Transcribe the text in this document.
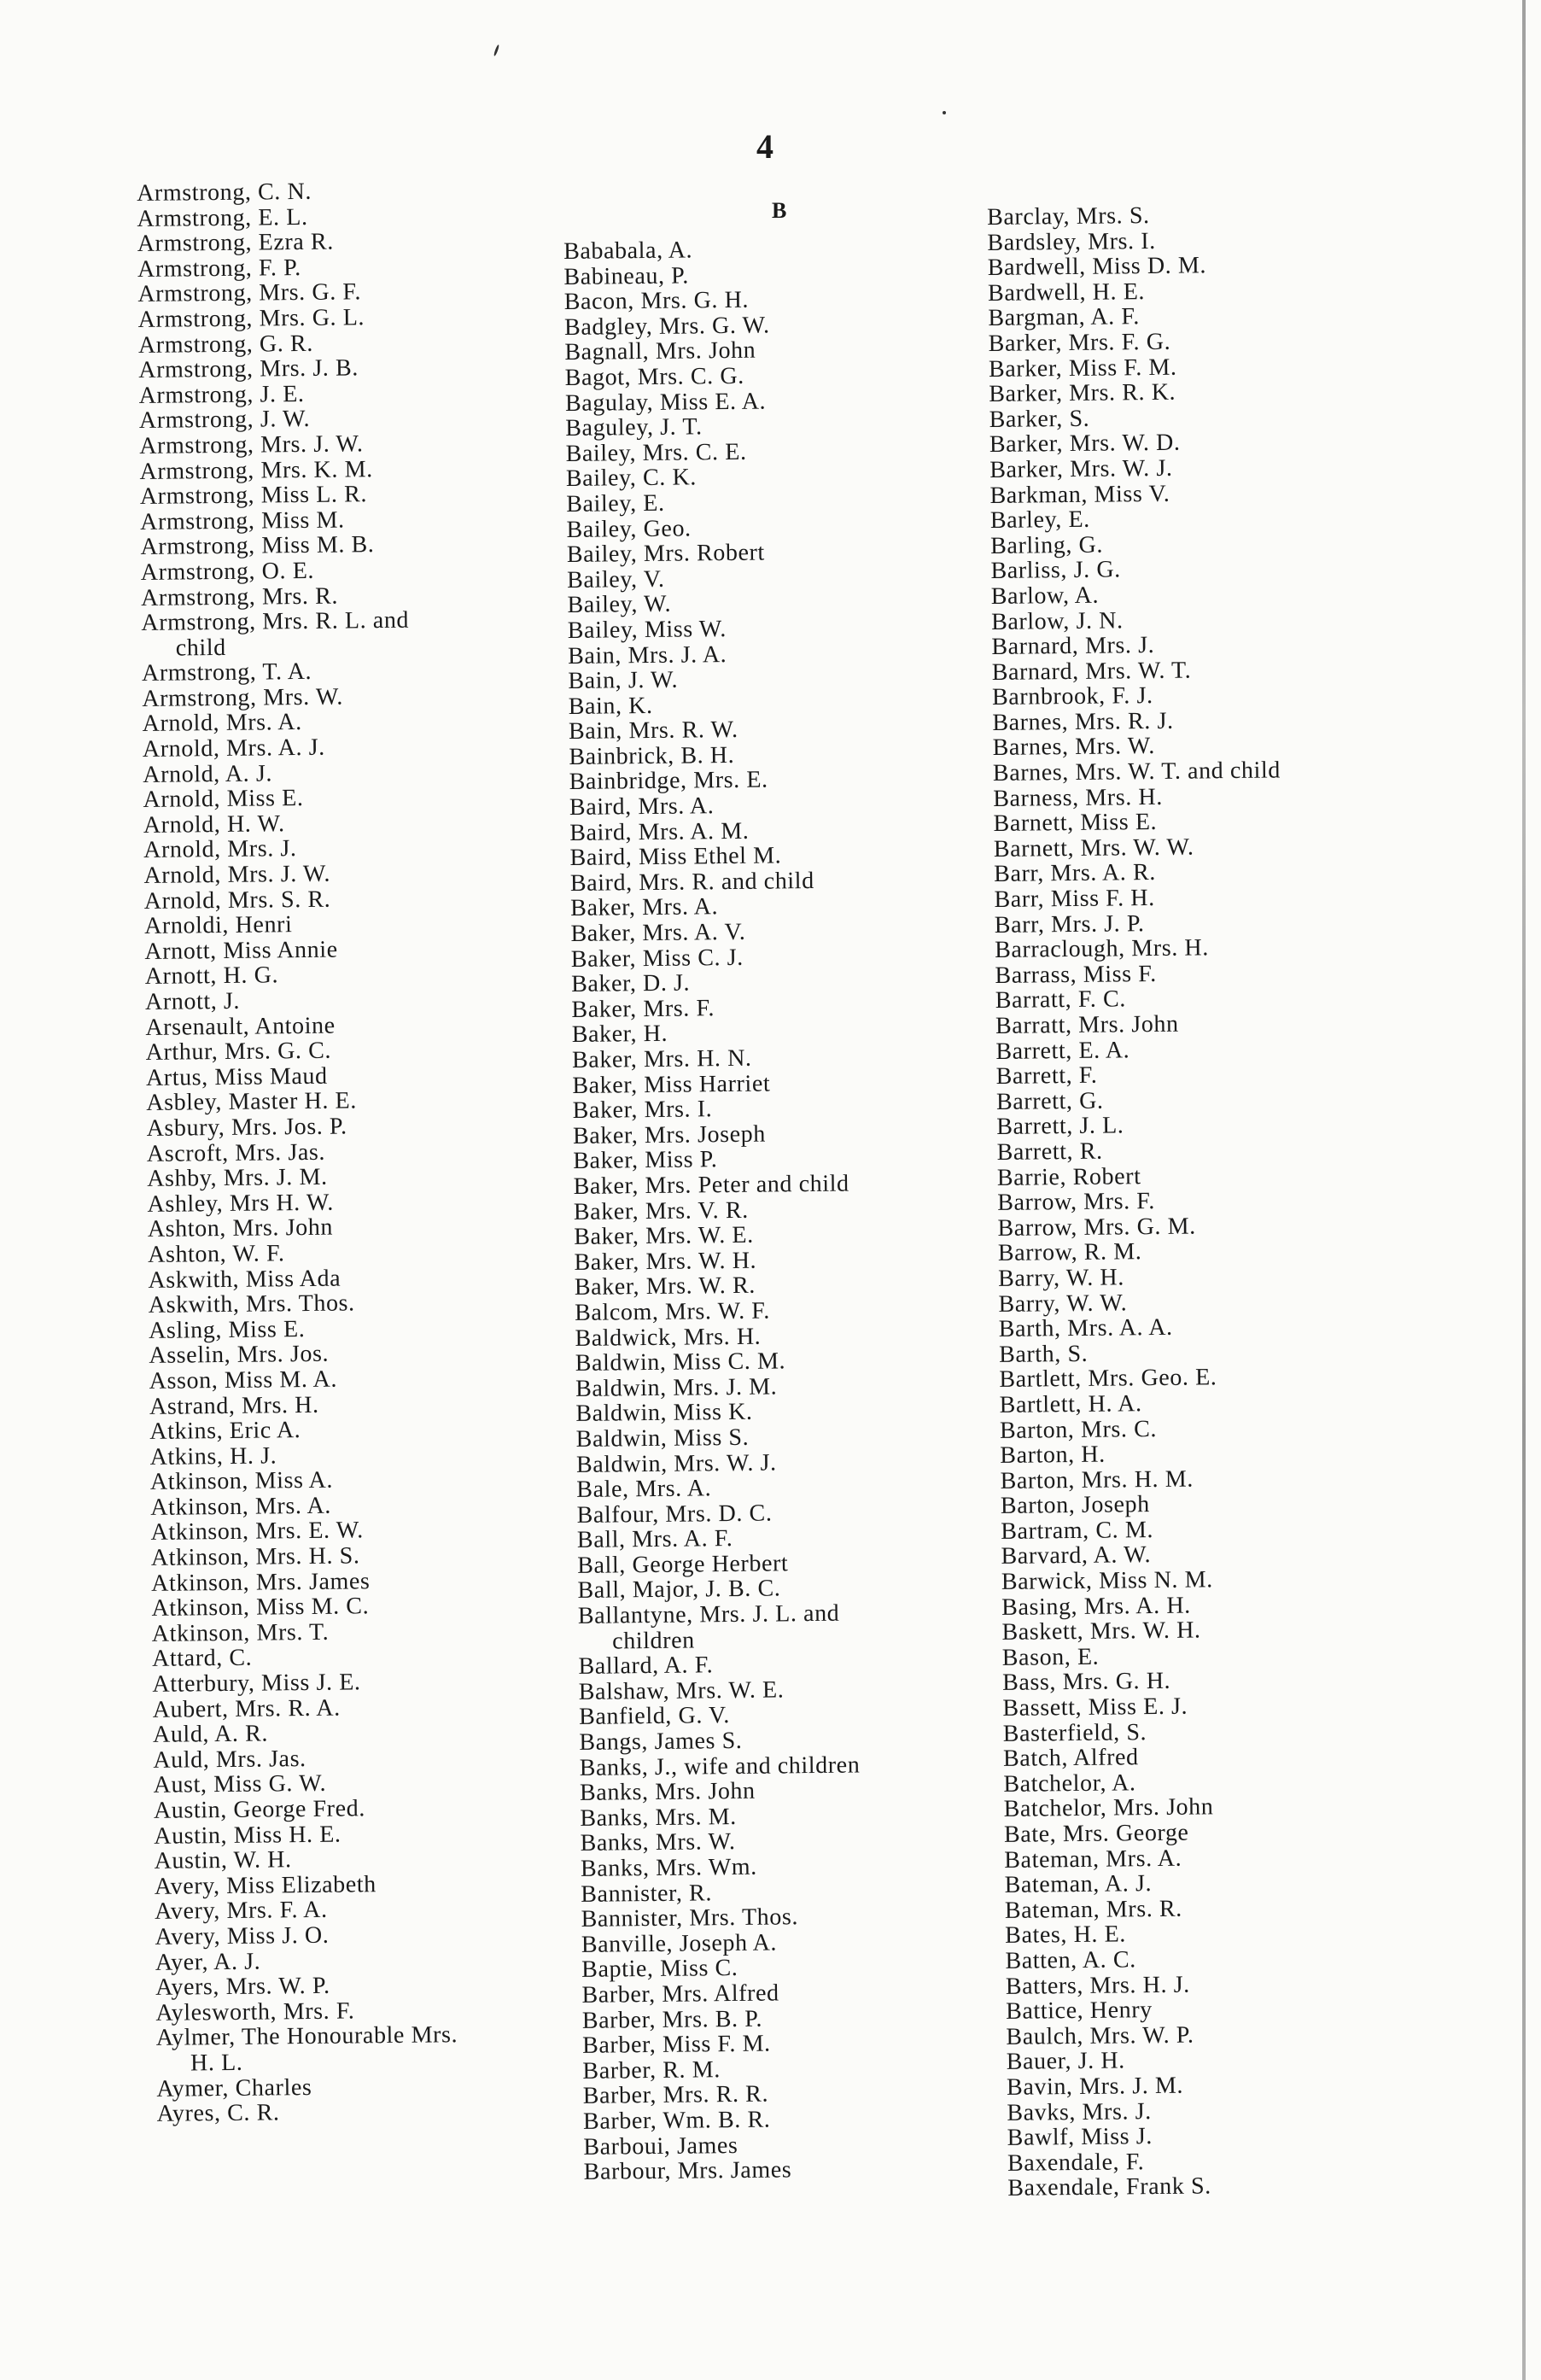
4
B
Armstrong, C. N.
Armstrong, E. L.
Armstrong, Ezra R.
Armstrong, F. P.
Armstrong, Mrs. G. F.
Armstrong, Mrs. G. L.
Armstrong, G. R.
Armstrong, Mrs. J. B.
Armstrong, J. E.
Armstrong, J. W.
Armstrong, Mrs. J. W.
Armstrong, Mrs. K. M.
Armstrong, Miss L. R.
Armstrong, Miss M.
Armstrong, Miss M. B.
Armstrong, O. E.
Armstrong, Mrs. R.
Armstrong, Mrs. R. L. and
child
Armstrong, T. A.
Armstrong, Mrs. W.
Arnold, Mrs. A.
Arnold, Mrs. A. J.
Arnold, A. J.
Arnold, Miss E.
Arnold, H. W.
Arnold, Mrs. J.
Arnold, Mrs. J. W.
Arnold, Mrs. S. R.
Arnoldi, Henri
Arnott, Miss Annie
Arnott, H. G.
Arnott, J.
Arsenault, Antoine
Arthur, Mrs. G. C.
Artus, Miss Maud
Asbley, Master H. E.
Asbury, Mrs. Jos. P.
Ascroft, Mrs. Jas.
Ashby, Mrs. J. M.
Ashley, Mrs H. W.
Ashton, Mrs. John
Ashton, W. F.
Askwith, Miss Ada
Askwith, Mrs. Thos.
Asling, Miss E.
Asselin, Mrs. Jos.
Asson, Miss M. A.
Astrand, Mrs. H.
Atkins, Eric A.
Atkins, H. J.
Atkinson, Miss A.
Atkinson, Mrs. A.
Atkinson, Mrs. E. W.
Atkinson, Mrs. H. S.
Atkinson, Mrs. James
Atkinson, Miss M. C.
Atkinson, Mrs. T.
Attard, C.
Atterbury, Miss J. E.
Aubert, Mrs. R. A.
Auld, A. R.
Auld, Mrs. Jas.
Aust, Miss G. W.
Austin, George Fred.
Austin, Miss H. E.
Austin, W. H.
Avery, Miss Elizabeth
Avery, Mrs. F. A.
Avery, Miss J. O.
Ayer, A. J.
Ayers, Mrs. W. P.
Aylesworth, Mrs. F.
Aylmer, The Honourable Mrs.
H. L.
Aymer, Charles
Ayres, C. R.
Bababala, A.
Babineau, P.
Bacon, Mrs. G. H.
Badgley, Mrs. G. W.
Bagnall, Mrs. John
Bagot, Mrs. C. G.
Bagulay, Miss E. A.
Baguley, J. T.
Bailey, Mrs. C. E.
Bailey, C. K.
Bailey, E.
Bailey, Geo.
Bailey, Mrs. Robert
Bailey, V.
Bailey, W.
Bailey, Miss W.
Bain, Mrs. J. A.
Bain, J. W.
Bain, K.
Bain, Mrs. R. W.
Bainbrick, B. H.
Bainbridge, Mrs. E.
Baird, Mrs. A.
Baird, Mrs. A. M.
Baird, Miss Ethel M.
Baird, Mrs. R. and child
Baker, Mrs. A.
Baker, Mrs. A. V.
Baker, Miss C. J.
Baker, D. J.
Baker, Mrs. F.
Baker, H.
Baker, Mrs. H. N.
Baker, Miss Harriet
Baker, Mrs. I.
Baker, Mrs. Joseph
Baker, Miss P.
Baker, Mrs. Peter and child
Baker, Mrs. V. R.
Baker, Mrs. W. E.
Baker, Mrs. W. H.
Baker, Mrs. W. R.
Balcom, Mrs. W. F.
Baldwick, Mrs. H.
Baldwin, Miss C. M.
Baldwin, Mrs. J. M.
Baldwin, Miss K.
Baldwin, Miss S.
Baldwin, Mrs. W. J.
Bale, Mrs. A.
Balfour, Mrs. D. C.
Ball, Mrs. A. F.
Ball, George Herbert
Ball, Major, J. B. C.
Ballantyne, Mrs. J. L. and
children
Ballard, A. F.
Balshaw, Mrs. W. E.
Banfield, G. V.
Bangs, James S.
Banks, J., wife and children
Banks, Mrs. John
Banks, Mrs. M.
Banks, Mrs. W.
Banks, Mrs. Wm.
Bannister, R.
Bannister, Mrs. Thos.
Banville, Joseph A.
Baptie, Miss C.
Barber, Mrs. Alfred
Barber, Mrs. B. P.
Barber, Miss F. M.
Barber, R. M.
Barber, Mrs. R. R.
Barber, Wm. B. R.
Barboui, James
Barbour, Mrs. James
Barclay, Mrs. S.
Bardsley, Mrs. I.
Bardwell, Miss D. M.
Bardwell, H. E.
Bargman, A. F.
Barker, Mrs. F. G.
Barker, Miss F. M.
Barker, Mrs. R. K.
Barker, S.
Barker, Mrs. W. D.
Barker, Mrs. W. J.
Barkman, Miss V.
Barley, E.
Barling, G.
Barliss, J. G.
Barlow, A.
Barlow, J. N.
Barnard, Mrs. J.
Barnard, Mrs. W. T.
Barnbrook, F. J.
Barnes, Mrs. R. J.
Barnes, Mrs. W.
Barnes, Mrs. W. T. and child
Barness, Mrs. H.
Barnett, Miss E.
Barnett, Mrs. W. W.
Barr, Mrs. A. R.
Barr, Miss F. H.
Barr, Mrs. J. P.
Barraclough, Mrs. H.
Barrass, Miss F.
Barratt, F. C.
Barratt, Mrs. John
Barrett, E. A.
Barrett, F.
Barrett, G.
Barrett, J. L.
Barrett, R.
Barrie, Robert
Barrow, Mrs. F.
Barrow, Mrs. G. M.
Barrow, R. M.
Barry, W. H.
Barry, W. W.
Barth, Mrs. A. A.
Barth, S.
Bartlett, Mrs. Geo. E.
Bartlett, H. A.
Barton, Mrs. C.
Barton, H.
Barton, Mrs. H. M.
Barton, Joseph
Bartram, C. M.
Barvard, A. W.
Barwick, Miss N. M.
Basing, Mrs. A. H.
Baskett, Mrs. W. H.
Bason, E.
Bass, Mrs. G. H.
Bassett, Miss E. J.
Basterfield, S.
Batch, Alfred
Batchelor, A.
Batchelor, Mrs. John
Bate, Mrs. George
Bateman, Mrs. A.
Bateman, A. J.
Bateman, Mrs. R.
Bates, H. E.
Batten, A. C.
Batters, Mrs. H. J.
Battice, Henry
Baulch, Mrs. W. P.
Bauer, J. H.
Bavin, Mrs. J. M.
Bavks, Mrs. J.
Bawlf, Miss J.
Baxendale, F.
Baxendale, Frank S.
